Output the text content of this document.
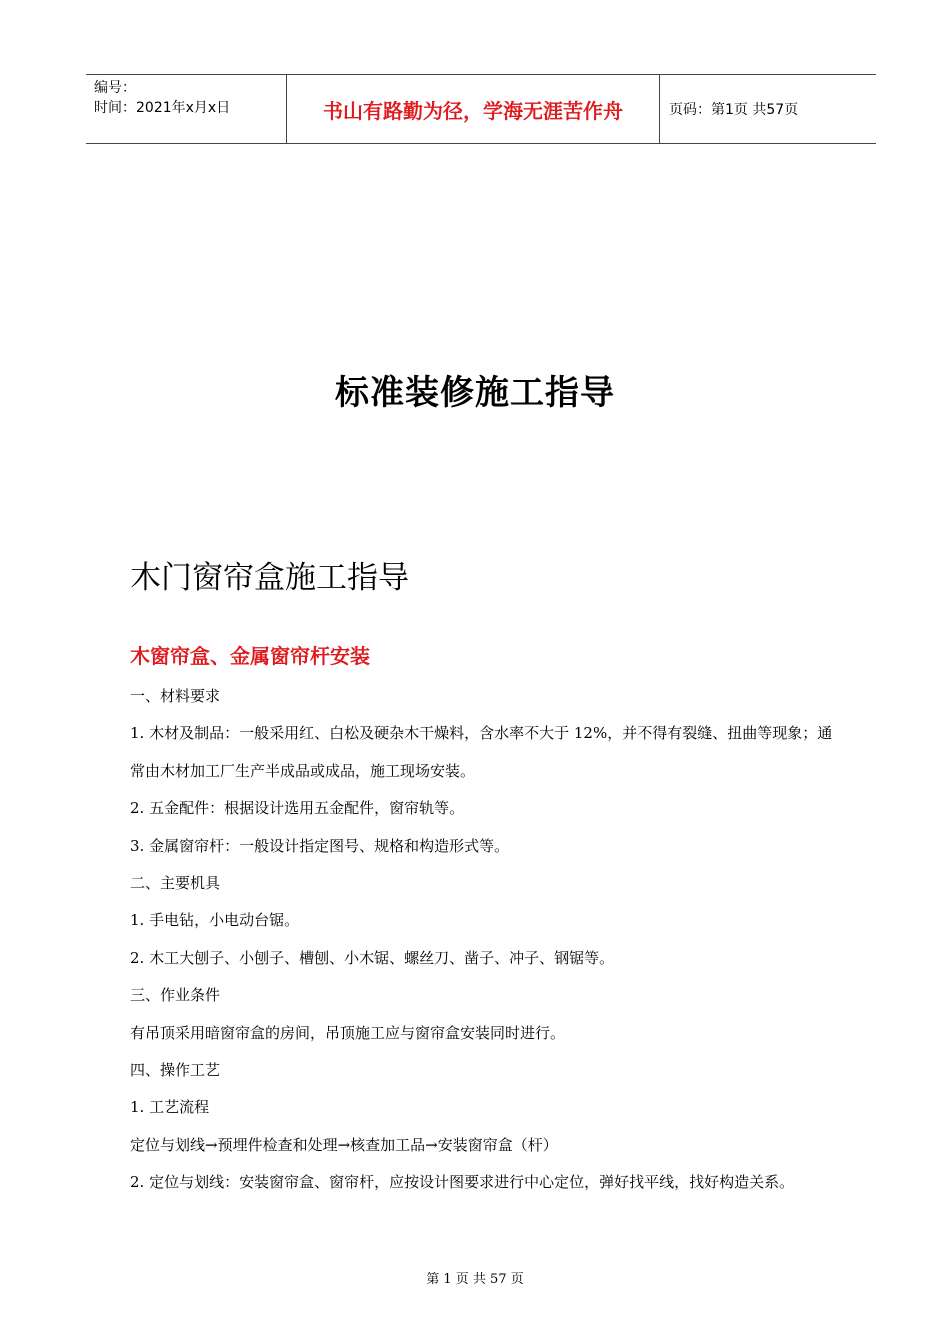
编号：
时间：2021年x月x日	书山有路勤为径，学海无涯苦作舟	页码：第1页 共57页
标准装修施工指导
木门窗帘盒施工指导
木窗帘盒、金属窗帘杆安装

一、材料要求

1. 木材及制品：一般采用红、白松及硬杂木干燥料，含水率不大于 12%，并不得有裂缝、扭曲等现象；通常由木材加工厂生产半成品或成品，施工现场安装。

2. 五金配件：根据设计选用五金配件，窗帘轨等。

3. 金属窗帘杆：一般设计指定图号、规格和构造形式等。

二、主要机具

1. 手电钻，小电动台锯。

2. 木工大刨子、小刨子、槽刨、小木锯、螺丝刀、凿子、冲子、钢锯等。

三、作业条件

有吊顶采用暗窗帘盒的房间，吊顶施工应与窗帘盒安装同时进行。

四、操作工艺

1. 工艺流程

定位与划线→预埋件检查和处理→核查加工品→安装窗帘盒（杆）

2. 定位与划线：安装窗帘盒、窗帘杆，应按设计图要求进行中心定位，弹好找平线，找好构造关系。

第 1 页 共 57 页
